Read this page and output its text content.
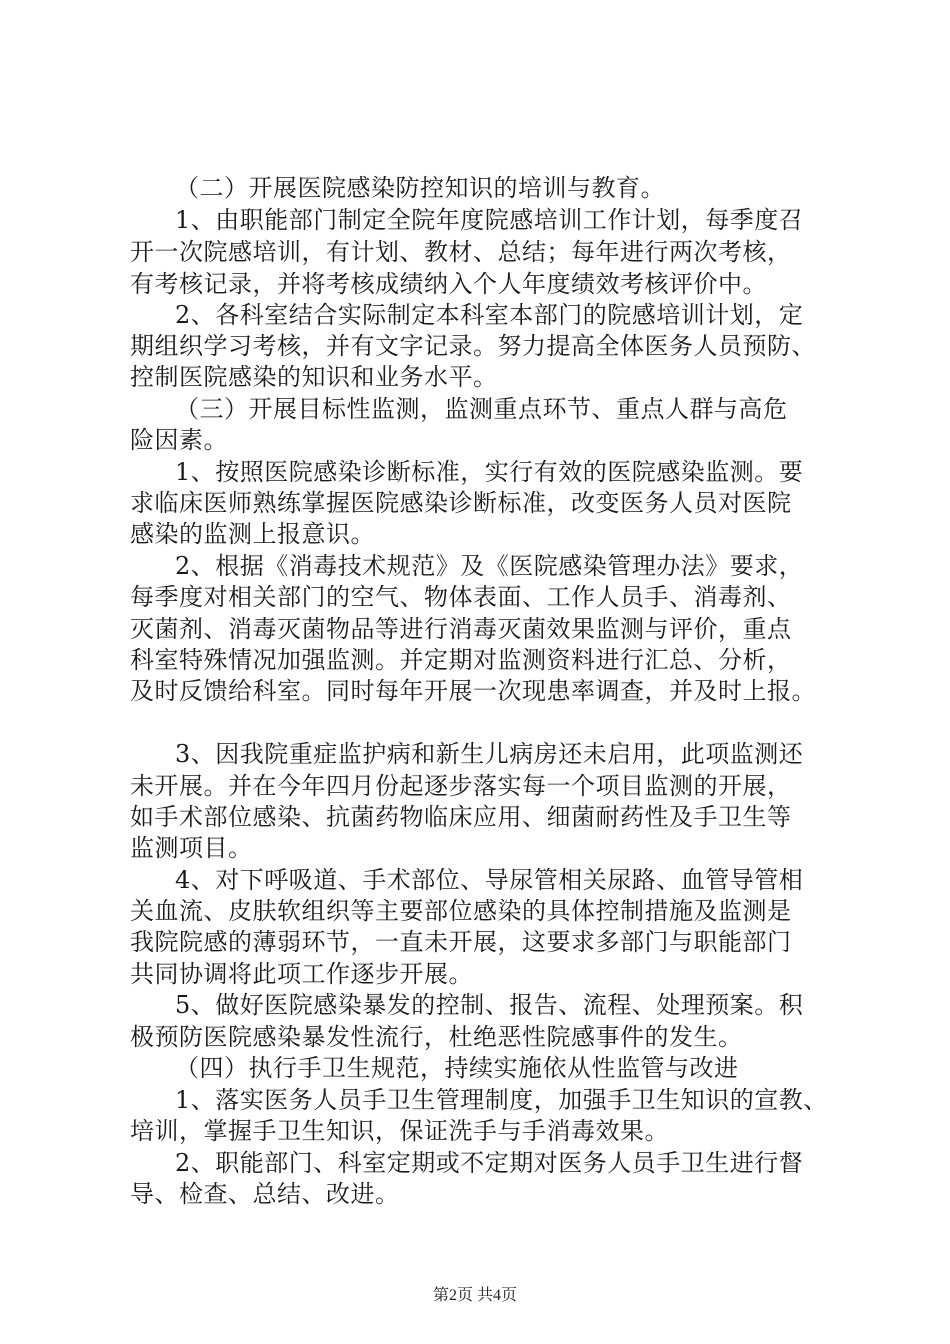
（二）开展医院感染防控知识的培训与教育。
1、由职能部门制定全院年度院感培训工作计划，每季度召
开一次院感培训，有计划、教材、总结；每年进行两次考核，
有考核记录，并将考核成绩纳入个人年度绩效考核评价中。
2、各科室结合实际制定本科室本部门的院感培训计划，定
期组织学习考核，并有文字记录。努力提高全体医务人员预防、
控制医院感染的知识和业务水平。
（三）开展目标性监测，监测重点环节、重点人群与高危
险因素。
1、按照医院感染诊断标准，实行有效的医院感染监测。要
求临床医师熟练掌握医院感染诊断标准，改变医务人员对医院
感染的监测上报意识。
2、根据《消毒技术规范》及《医院感染管理办法》要求，
每季度对相关部门的空气、物体表面、工作人员手、消毒剂、
灭菌剂、消毒灭菌物品等进行消毒灭菌效果监测与评价，重点
科室特殊情况加强监测。并定期对监测资料进行汇总、分析，
及时反馈给科室。同时每年开展一次现患率调查，并及时上报。
3、因我院重症监护病和新生儿病房还未启用，此项监测还
未开展。并在今年四月份起逐步落实每一个项目监测的开展，
如手术部位感染、抗菌药物临床应用、细菌耐药性及手卫生等
监测项目。
4、对下呼吸道、手术部位、导尿管相关尿路、血管导管相
关血流、皮肤软组织等主要部位感染的具体控制措施及监测是
我院院感的薄弱环节，一直未开展，这要求多部门与职能部门
共同协调将此项工作逐步开展。
5、做好医院感染暴发的控制、报告、流程、处理预案。积
极预防医院感染暴发性流行，杜绝恶性院感事件的发生。
（四）执行手卫生规范，持续实施依从性监管与改进
1、落实医务人员手卫生管理制度，加强手卫生知识的宣教、
培训，掌握手卫生知识，保证洗手与手消毒效果。
2、职能部门、科室定期或不定期对医务人员手卫生进行督
导、检查、总结、改进。
第2页 共4页
